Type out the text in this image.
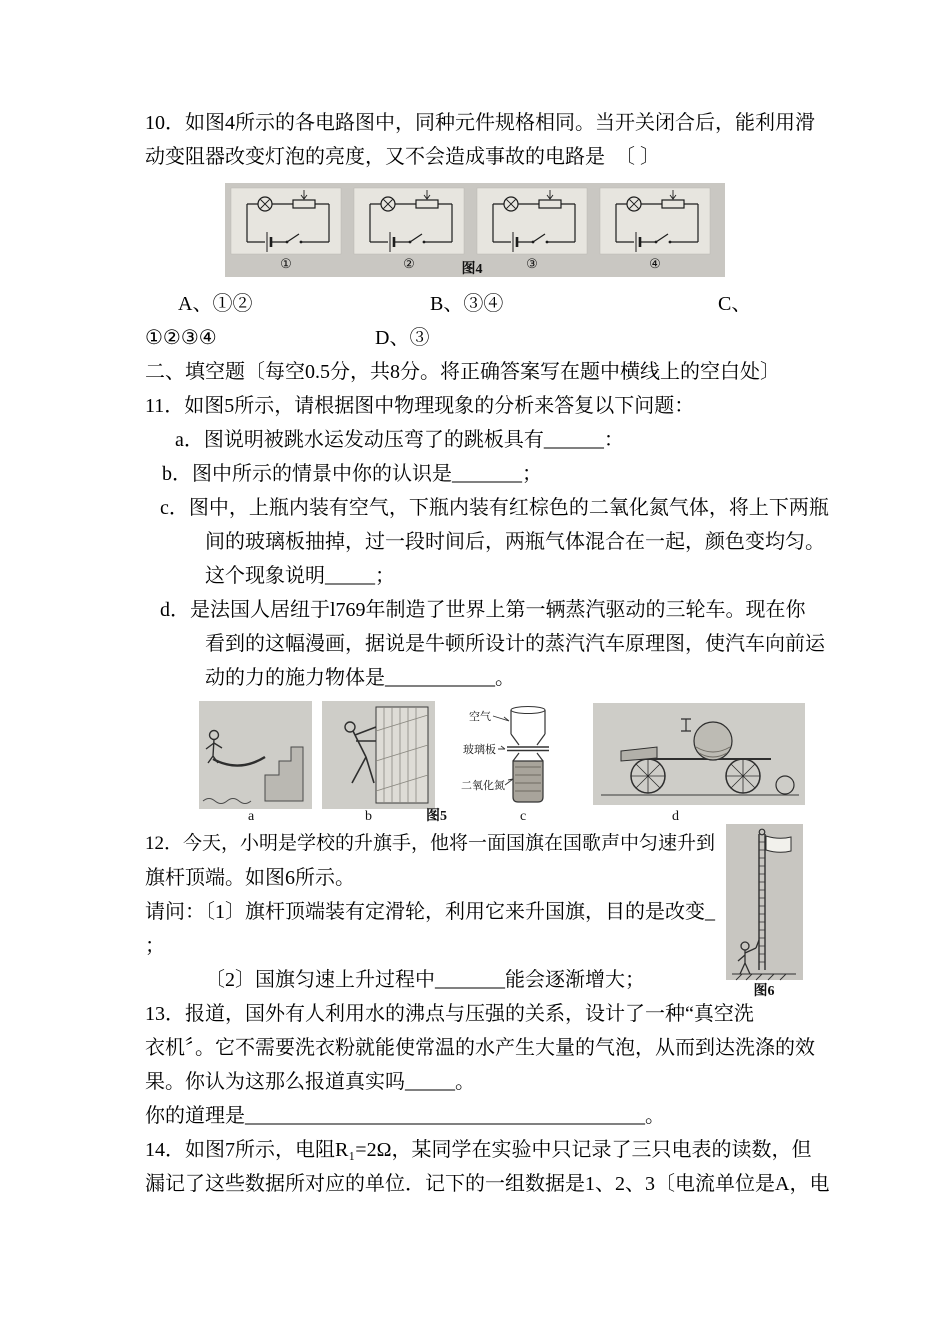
10．如图4所示的各电路图中，同种元件规格相同。当开关闭合后，能利用滑
动变阻器改变灯泡的亮度，又不会造成事故的电路是　〔 〕
①	②	③	④
图4
A、①②	B、③④	C、
①②③④	D、③
二、填空题〔每空0.5分，共8分。将正确答案写在题中横线上的空白处〕
11．如图5所示，请根据图中物理现象的分析来答复以下问题：
a．图说明被跳水运发动压弯了的跳板具有______：
b．图中所示的情景中你的认识是_______；
c．图中，上瓶内装有空气，下瓶内装有红棕色的二氧化氮气体，将上下两瓶
间的玻璃板抽掉，过一段时间后，两瓶气体混合在一起，颜色变均匀。
这个现象说明_____；
d．是法国人居纽于l769年制造了世界上第一辆蒸汽驱动的三轮车。现在你
看到的这幅漫画，据说是牛顿所设计的蒸汽汽车原理图，使汽车向前运
动的力的施力物体是___________。
空气
玻璃板
二氧化氮
a	b	图5	c	d
12．今天，小明是学校的升旗手，他将一面国旗在国歌声中匀速升到
旗杆顶端。如图6所示。
请问：〔1〕旗杆顶端装有定滑轮，利用它来升国旗，目的是改变_
；
〔2〕国旗匀速上升过程中_______能会逐渐增大；
13．报道，国外有人利用水的沸点与压强的关系，设计了一种“真空洗
衣机〞。它不需要洗衣粉就能使常温的水产生大量的气泡，从而到达洗涤的效
果。你认为这那么报道真实吗_____。
你的道理是________________________________________。
14．如图7所示，电阻R₁=2Ω，某同学在实验中只记录了三只电表的读数，但
漏记了这些数据所对应的单位．记下的一组数据是1、2、3〔电流单位是A，电
图6
